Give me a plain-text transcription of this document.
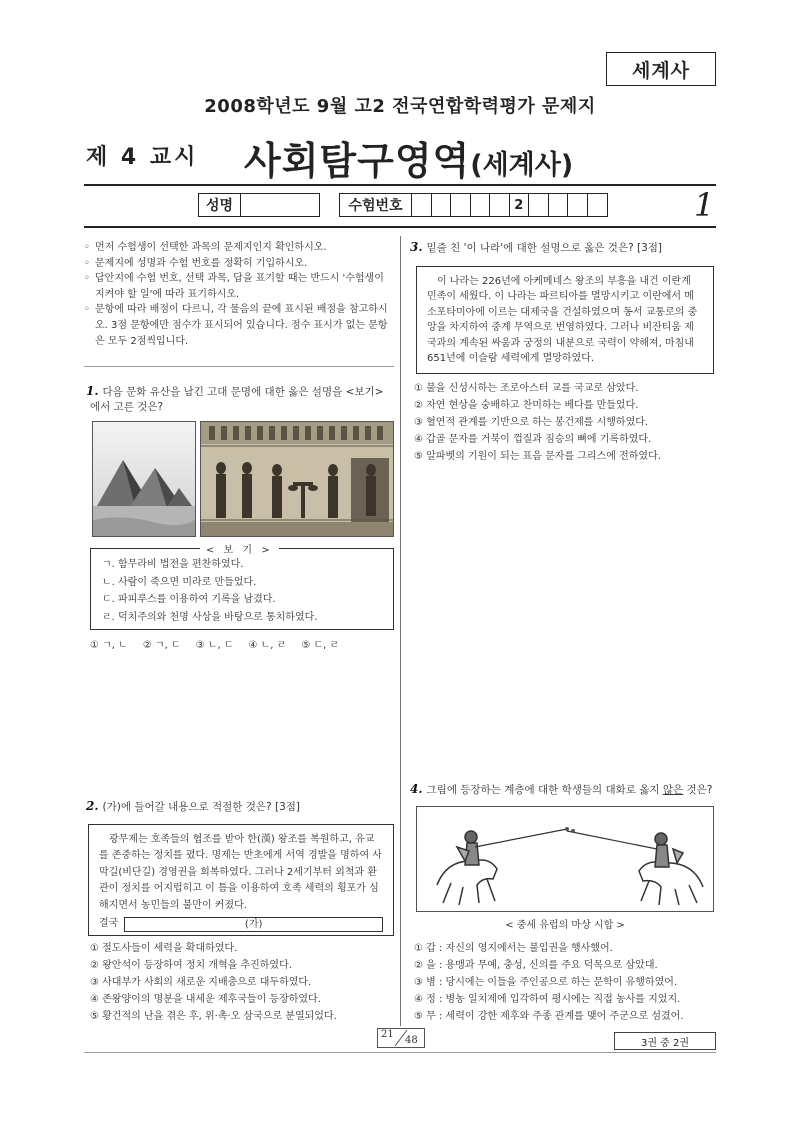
세계사
2008학년도 9월 고2 전국연합학력평가 문제지
제 4 교시 사회탐구영역(세계사)
성명	수험번호	2	1
◦ 먼저 수험생이 선택한 과목의 문제지인지 확인하시오.
◦ 문제지에 성명과 수험 번호를 정확히 기입하시오.
◦ 답안지에 수험 번호, 선택 과목, 답을 표기할 때는 반드시 '수험생이 지켜야 할 일'에 따라 표기하시오.
◦ 문항에 따라 배점이 다르니, 각 물음의 끝에 표시된 배점을 참고하시오. 3점 문항에만 점수가 표시되어 있습니다. 점수 표시가 없는 문항은 모두 2점씩입니다.
1. 다음 문화 유산을 남긴 고대 문명에 대한 옳은 설명을 <보기>
에서 고른 것은?
< 보 기 >
ㄱ. 함무라비 법전을 편찬하였다.
ㄴ. 사람이 죽으면 미라로 만들었다.
ㄷ. 파피루스를 이용하여 기록을 남겼다.
ㄹ. 덕치주의와 천명 사상을 바탕으로 통치하였다.
① ㄱ, ㄴ ② ㄱ, ㄷ ③ ㄴ, ㄷ ④ ㄴ, ㄹ ⑤ ㄷ, ㄹ
2. (가)에 들어갈 내용으로 적절한 것은? [3점]
광무제는 호족들의 협조를 받아 한(漢) 왕조를 복원하고, 유교를 존중하는 정치를 폈다. 명제는 반초에게 서역 경발을 명하여 사막길(비단길) 경영권을 회복하였다. 그러나 2세기부터 외척과 환관이 정치를 어지럽히고 이 틈을 이용하여 호족 세력의 횡포가 심해지면서 농민들의 불만이 커졌다.
결국	(가)
① 절도사들이 세력을 확대하였다.
② 왕안석이 등장하여 정치 개혁을 추진하였다.
③ 사대부가 사회의 새로운 지배층으로 대두하였다.
④ 존왕양이의 명분을 내세운 제후국들이 등장하였다.
⑤ 황건적의 난을 겪은 후, 위·촉·오 삼국으로 분열되었다.
3. 밑줄 친 '이 나라'에 대한 설명으로 옳은 것은? [3점]
이 나라는 226년에 아케메네스 왕조의 부흥을 내건 이란계 민족이 세웠다. 이 나라는 파르티아를 멸망시키고 이란에서 메소포타미아에 이르는 대제국을 건설하였으며 동서 교통로의 중앙을 차지하여 중계 무역으로 번영하였다. 그러나 비잔티움 제국과의 계속된 싸움과 궁정의 내분으로 국력이 약해져, 마침내 651년에 이슬람 세력에게 멸망하였다.
① 불을 신성시하는 조로아스터 교를 국교로 삼았다.
② 자연 현상을 숭배하고 찬미하는 베다를 만들었다.
③ 혈연적 관계를 기반으로 하는 봉건제를 시행하였다.
④ 갑골 문자를 거북이 껍질과 짐승의 뼈에 기록하였다.
⑤ 알파벳의 기원이 되는 표음 문자를 그리스에 전하였다.
4. 그림에 등장하는 계층에 대한 학생들의 대화로 옳지 않은 것은?
< 중세 유럽의 마상 시합 >
① 갑 : 자신의 영지에서는 불입권을 행사했어.
② 을 : 용맹과 무예, 충성, 신의를 주요 덕목으로 삼았대.
③ 병 : 당시에는 이들을 주인공으로 하는 문학이 유행하였어.
④ 정 : 병농 일치제에 입각하여 평시에는 직접 농사를 지었지.
⑤ 무 : 세력이 강한 제후와 주종 관계를 맺어 주군으로 섬겼어.
21
48	3권 중 2권
